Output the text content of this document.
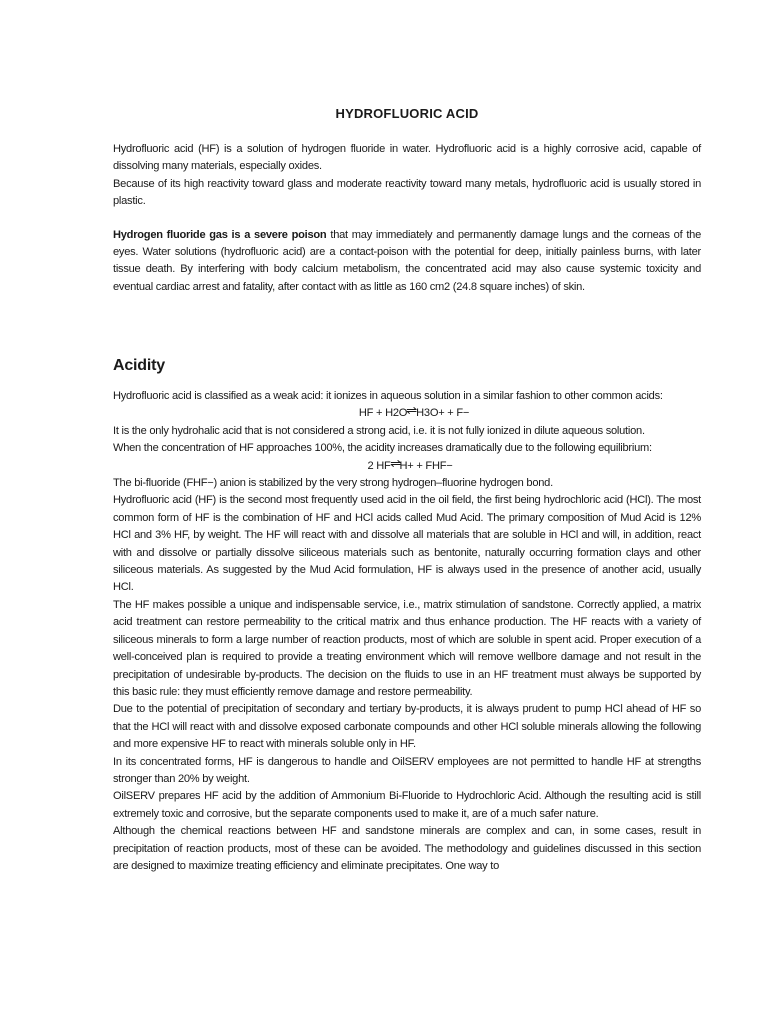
HYDROFLUORIC ACID

Hydrofluoric acid (HF) is a solution of hydrogen fluoride in water. Hydrofluoric acid is a highly corrosive acid, capable of dissolving many materials, especially oxides.

Because of its high reactivity toward glass and moderate reactivity toward many metals, hydrofluoric acid is usually stored in plastic.

Hydrogen fluoride gas is a severe poison that may immediately and permanently damage lungs and the corneas of the eyes. Water solutions (hydrofluoric acid) are a contact-poison with the potential for deep, initially painless burns, with later tissue death. By interfering with body calcium metabolism, the concentrated acid may also cause systemic toxicity and eventual cardiac arrest and fatality, after contact with as little as 160 cm2 (24.8 square inches) of skin.

Acidity

Hydrofluoric acid is classified as a weak acid: it ionizes in aqueous solution in a similar fashion to other common acids:

HF + H2O⇌H3O+ + F−

It is the only hydrohalic acid that is not considered a strong acid, i.e. it is not fully ionized in dilute aqueous solution.

When the concentration of HF approaches 100%, the acidity increases dramatically due to the following equilibrium:

2 HF⇌H+ + FHF−

The bi-fluoride (FHF−) anion is stabilized by the very strong hydrogen–fluorine hydrogen bond.

Hydrofluoric acid (HF) is the second most frequently used acid in the oil field, the first being hydrochloric acid (HCl). The most common form of HF is the combination of HF and HCl acids called Mud Acid. The primary composition of Mud Acid is 12% HCl and 3% HF, by weight. The HF will react with and dissolve all materials that are soluble in HCl and will, in addition, react with and dissolve or partially dissolve siliceous materials such as bentonite, naturally occurring formation clays and other siliceous materials. As suggested by the Mud Acid formulation, HF is always used in the presence of another acid, usually HCl.

The HF makes possible a unique and indispensable service, i.e., matrix stimulation of sandstone. Correctly applied, a matrix acid treatment can restore permeability to the critical matrix and thus enhance production. The HF reacts with a variety of siliceous minerals to form a large number of reaction products, most of which are soluble in spent acid. Proper execution of a well-conceived plan is required to provide a treating environment which will remove wellbore damage and not result in the precipitation of undesirable by-products. The decision on the fluids to use in an HF treatment must always be supported by this basic rule: they must efficiently remove damage and restore permeability.

Due to the potential of precipitation of secondary and tertiary by-products, it is always prudent to pump HCl ahead of HF so that the HCl will react with and dissolve exposed carbonate compounds and other HCl soluble minerals allowing the following and more expensive HF to react with minerals soluble only in HF.

In its concentrated forms, HF is dangerous to handle and OilSERV employees are not permitted to handle HF at strengths stronger than 20% by weight.

OilSERV prepares HF acid by the addition of Ammonium Bi-Fluoride to Hydrochloric Acid. Although the resulting acid is still extremely toxic and corrosive, but the separate components used to make it, are of a much safer nature.

Although the chemical reactions between HF and sandstone minerals are complex and can, in some cases, result in precipitation of reaction products, most of these can be avoided. The methodology and guidelines discussed in this section are designed to maximize treating efficiency and eliminate precipitates. One way to
